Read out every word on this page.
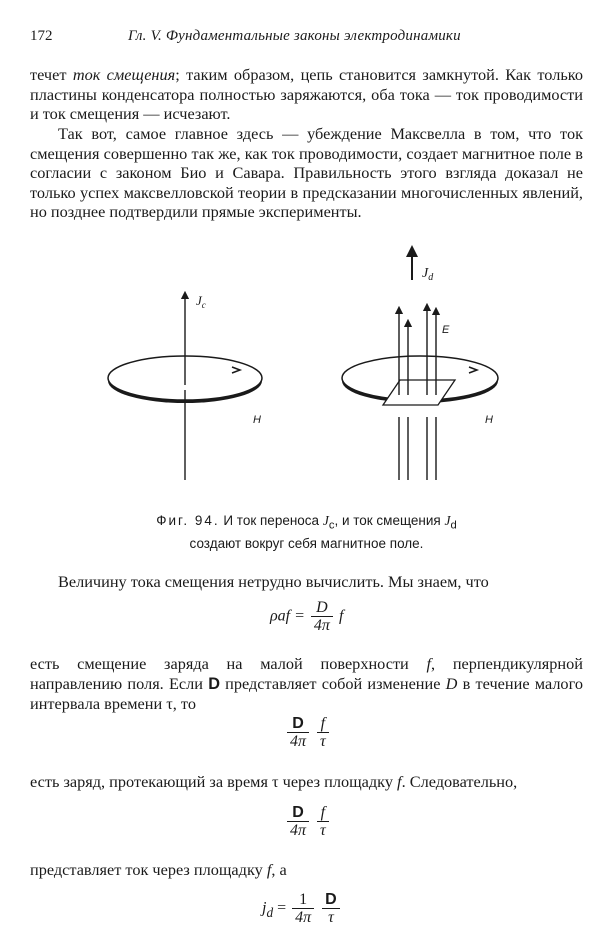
172	Гл. V. Фундаментальные законы электродинамики

течет ток смещения; таким образом, цепь становится замкнутой. Как только пластины конденсатора полностью заряжаются, оба тока — ток проводимости и ток смещения — исчезают.

Так вот, самое главное здесь — убеждение Максвелла в том, что ток смещения совершенно так же, как ток проводимости, создает магнитное поле в согласии с законом Био и Савара. Правильность этого взгляда доказал не только успех максвелловской теории в предсказании многочисленных явлений, но позднее подтвердили прямые эксперименты.

$J_c$
H
$J_d$
E
H
Фиг. 94. И ток переноса $J_c$, и ток смещения $J_d$
создают вокруг себя магнитное поле.

Величину тока смещения нетрудно вычислить. Мы знаем, что

$\rho af = \frac{D}{4\pi}$ f

есть смещение заряда на малой поверхности f, перпендикулярной направлению поля. Если D представляет собой изменение D в течение малого интервала времени τ, то

$\frac{D}{4\pi}$
$\frac{f}{\tau}$

есть заряд, протекающий за время τ через площадку f. Следовательно,

$\frac{D}{4\pi}$
$\frac{f}{\tau}$

представляет ток через площадку f, а

$j_d = \frac{1}{4\pi}$
$\frac{D}{\tau}$
